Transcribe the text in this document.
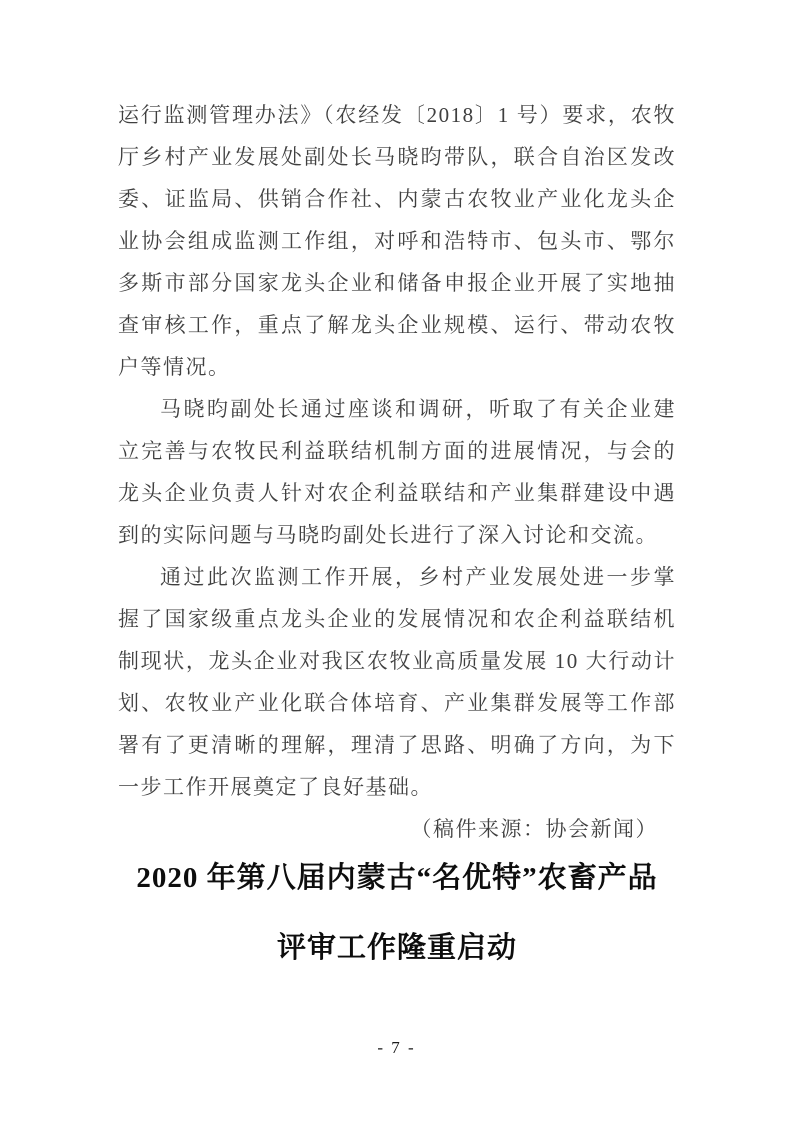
运行监测管理办法》（农经发〔2018〕1 号）要求，农牧厅乡村产业发展处副处长马晓昀带队，联合自治区发改委、证监局、供销合作社、内蒙古农牧业产业化龙头企业协会组成监测工作组，对呼和浩特市、包头市、鄂尔多斯市部分国家龙头企业和储备申报企业开展了实地抽查审核工作，重点了解龙头企业规模、运行、带动农牧户等情况。

马晓昀副处长通过座谈和调研，听取了有关企业建立完善与农牧民利益联结机制方面的进展情况，与会的龙头企业负责人针对农企利益联结和产业集群建设中遇到的实际问题与马晓昀副处长进行了深入讨论和交流。

通过此次监测工作开展，乡村产业发展处进一步掌握了国家级重点龙头企业的发展情况和农企利益联结机制现状，龙头企业对我区农牧业高质量发展 10 大行动计划、农牧业产业化联合体培育、产业集群发展等工作部署有了更清晰的理解，理清了思路、明确了方向，为下一步工作开展奠定了良好基础。

（稿件来源：协会新闻）

2020 年第八届内蒙古“名优特”农畜产品
评审工作隆重启动
- 7 -
